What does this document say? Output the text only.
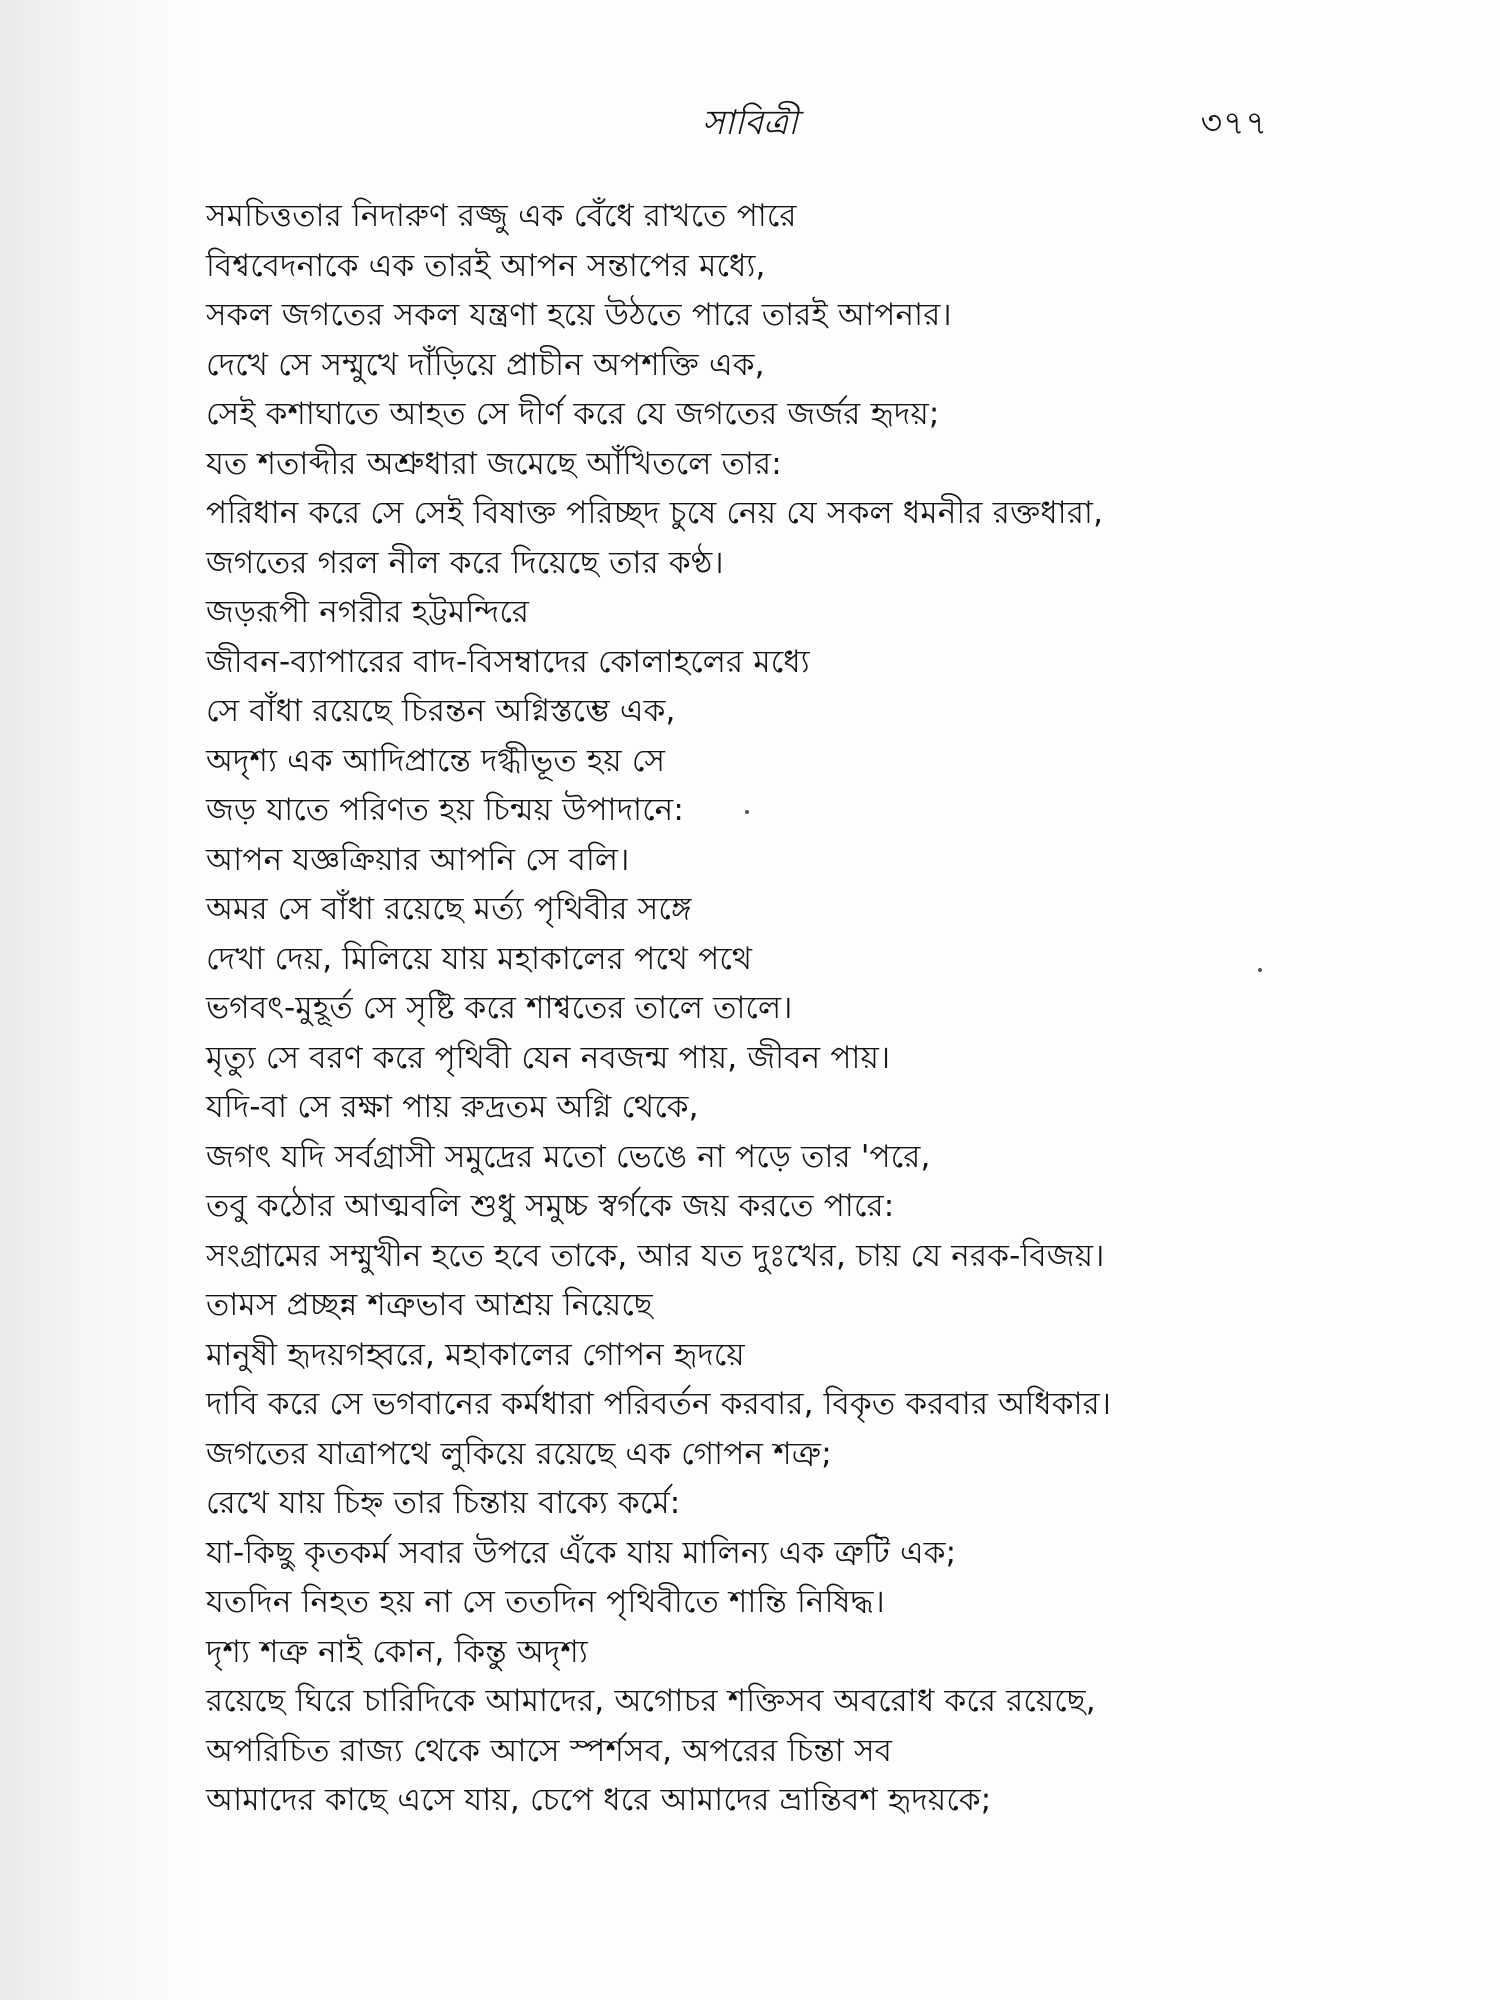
সাবিত্রী	৩৭৭
সমচিত্ততার নিদারুণ রজ্জু এক বেঁধে রাখতে পারে
বিশ্ববেদনাকে এক তারই আপন সন্তাপের মধ্যে,
সকল জগতের সকল যন্ত্রণা হয়ে উঠতে পারে তারই আপনার।
দেখে সে সম্মুখে দাঁড়িয়ে প্রাচীন অপশক্তি এক,
সেই কশাঘাতে আহত সে দীর্ণ করে যে জগতের জর্জর হৃদয়;
যত শতাব্দীর অশ্রুধারা জমেছে আঁখিতলে তার:
পরিধান করে সে সেই বিষাক্ত পরিচ্ছদ চুষে নেয় যে সকল ধমনীর রক্তধারা,
জগতের গরল নীল করে দিয়েছে তার কণ্ঠ।
জড়রূপী নগরীর হট্টমন্দিরে
জীবন-ব্যাপারের বাদ-বিসম্বাদের কোলাহলের মধ্যে
সে বাঁধা রয়েছে চিরন্তন অগ্নিস্তম্ভে এক,
অদৃশ্য এক আদিপ্রান্তে দগ্ধীভূত হয় সে
জড় যাতে পরিণত হয় চিন্ময় উপাদানে:
আপন যজ্ঞক্রিয়ার আপনি সে বলি।
অমর সে বাঁধা রয়েছে মর্ত্য পৃথিবীর সঙ্গে
দেখা দেয়, মিলিয়ে যায় মহাকালের পথে পথে
ভগবৎ-মুহূর্ত সে সৃষ্টি করে শাশ্বতের তালে তালে।
মৃত্যু সে বরণ করে পৃথিবী যেন নবজন্ম পায়, জীবন পায়।
যদি-বা সে রক্ষা পায় রুদ্রতম অগ্নি থেকে,
জগৎ যদি সর্বগ্রাসী সমুদ্রের মতো ভেঙে না পড়ে তার 'পরে,
তবু কঠোর আত্মবলি শুধু সমুচ্চ স্বর্গকে জয় করতে পারে:
সংগ্রামের সম্মুখীন হতে হবে তাকে, আর যত দুঃখের, চায় যে নরক-বিজয়।
তামস প্রচ্ছন্ন শত্রুভাব আশ্রয় নিয়েছে
মানুষী হৃদয়গহ্বরে, মহাকালের গোপন হৃদয়ে
দাবি করে সে ভগবানের কর্মধারা পরিবর্তন করবার, বিকৃত করবার অধিকার।
জগতের যাত্রাপথে লুকিয়ে রয়েছে এক গোপন শত্রু;
রেখে যায় চিহ্ন তার চিন্তায় বাক্যে কর্মে:
যা-কিছু কৃতকর্ম সবার উপরে এঁকে যায় মালিন্য এক ত্রুটি এক;
যতদিন নিহত হয় না সে ততদিন পৃথিবীতে শান্তি নিষিদ্ধ।
দৃশ্য শত্রু নাই কোন, কিন্তু অদৃশ্য
রয়েছে ঘিরে চারিদিকে আমাদের, অগোচর শক্তিসব অবরোধ করে রয়েছে,
অপরিচিত রাজ্য থেকে আসে স্পর্শসব, অপরের চিন্তা সব
আমাদের কাছে এসে যায়, চেপে ধরে আমাদের ভ্রান্তিবশ হৃদয়কে;
